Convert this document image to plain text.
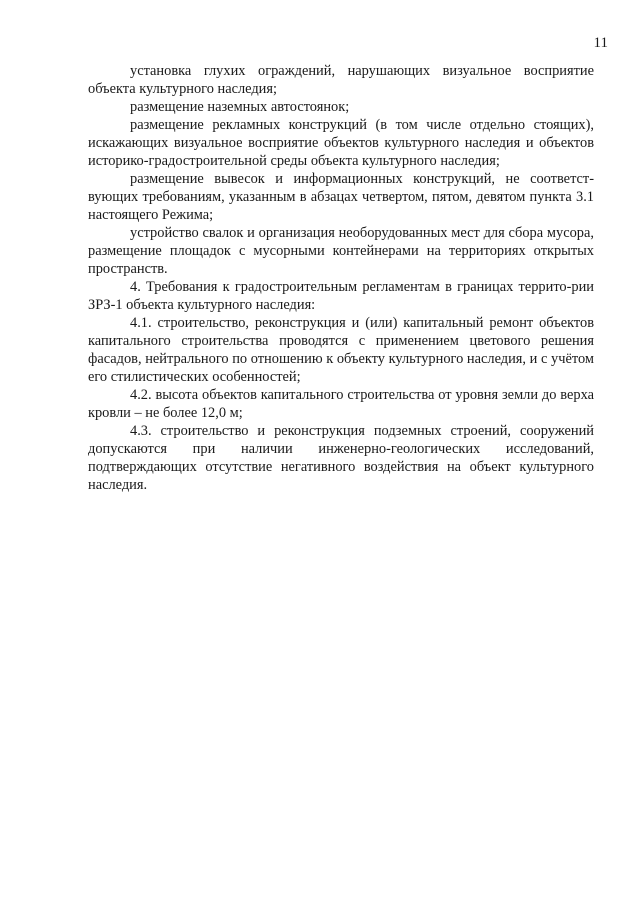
11

установка глухих ограждений, нарушающих визуальное восприятие объекта культурного наследия;

размещение наземных автостоянок;

размещение рекламных конструкций (в том числе отдельно стоящих), искажающих визуальное восприятие объектов культурного наследия и объектов историко-градостроительной среды объекта культурного наследия;

размещение вывесок и информационных конструкций, не соответст-вующих требованиям, указанным в абзацах четвертом, пятом, девятом пункта 3.1 настоящего Режима;

устройство свалок и организация необорудованных мест для сбора мусора, размещение площадок с мусорными контейнерами на территориях открытых пространств.

4. Требования к градостроительным регламентам в границах террито-рии ЗРЗ-1 объекта культурного наследия:

4.1. строительство, реконструкция и (или) капитальный ремонт объектов капитального строительства проводятся с применением цветового решения фасадов, нейтрального по отношению к объекту культурного наследия, и с учётом его стилистических особенностей;

4.2. высота объектов капитального строительства от уровня земли до верха кровли – не более 12,0 м;

4.3. строительство и реконструкция подземных строений, сооружений допускаются при наличии инженерно-геологических исследований, подтверждающих отсутствие негативного воздействия на объект культурного наследия.
